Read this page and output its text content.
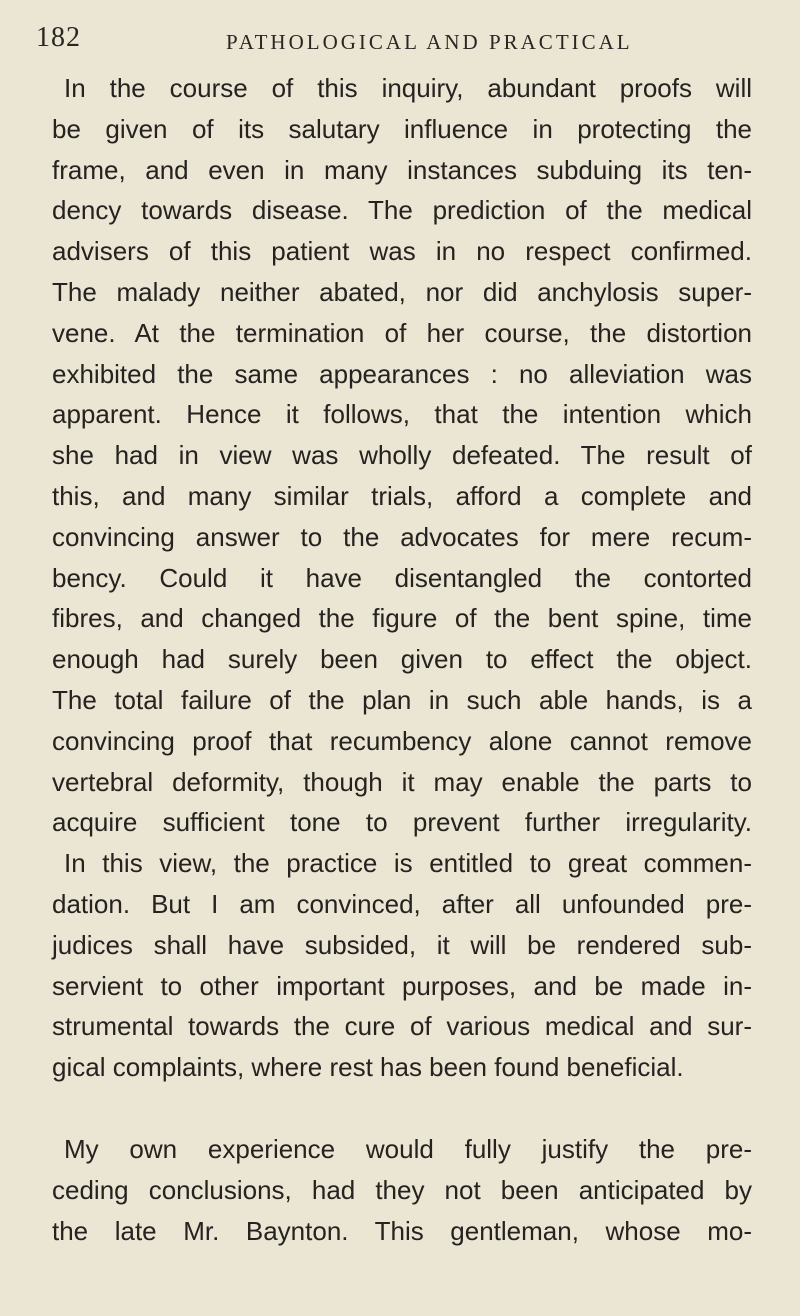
182	PATHOLOGICAL AND PRACTICAL
In the course of this inquiry, abundant proofs will
be given of its salutary influence in protecting the
frame, and even in many instances subduing its ten-
dency towards disease. The prediction of the medical
advisers of this patient was in no respect confirmed.
The malady neither abated, nor did anchylosis super-
vene. At the termination of her course, the distortion
exhibited the same appearances : no alleviation was
apparent. Hence it follows, that the intention which
she had in view was wholly defeated. The result of
this, and many similar trials, afford a complete and
convincing answer to the advocates for mere recum-
bency. Could it have disentangled the contorted
fibres, and changed the figure of the bent spine, time
enough had surely been given to effect the object.
The total failure of the plan in such able hands, is a
convincing proof that recumbency alone cannot remove
vertebral deformity, though it may enable the parts to
acquire sufficient tone to prevent further irregularity.
In this view, the practice is entitled to great commen-
dation. But I am convinced, after all unfounded pre-
judices shall have subsided, it will be rendered sub-
servient to other important purposes, and be made in-
strumental towards the cure of various medical and sur-
gical complaints, where rest has been found beneficial.
My own experience would fully justify the pre-
ceding conclusions, had they not been anticipated by
the late Mr. Baynton. This gentleman, whose mo-
